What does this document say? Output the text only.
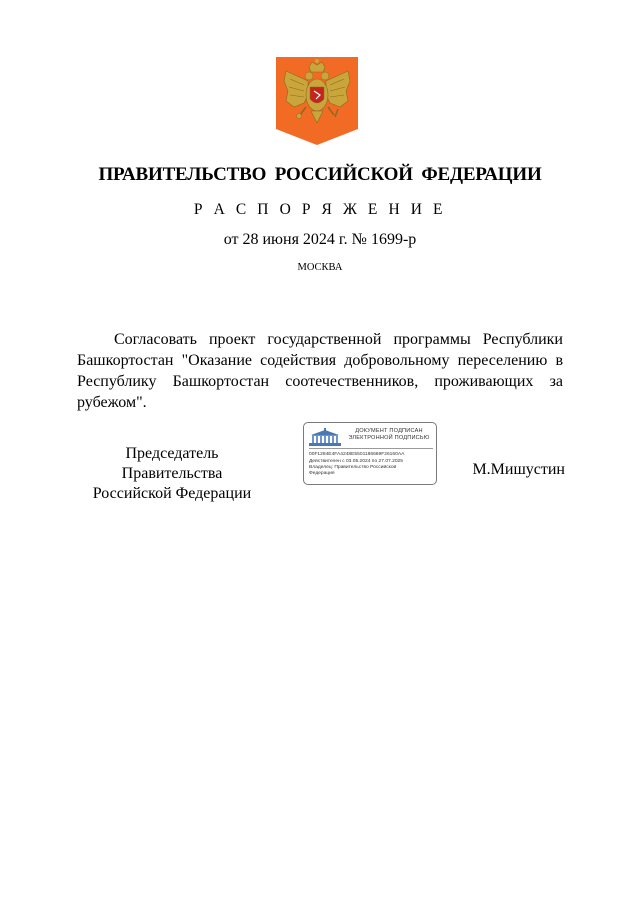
ПРАВИТЕЛЬСТВО РОССИЙСКОЙ ФЕДЕРАЦИИ
Р А С П О Р Я Ж Е Н И Е
от 28 июня 2024 г. № 1699-р
МОСКВА
Согласовать проект государственной программы Республики Башкортостан "Оказание содействия добровольному переселению в Республику Башкортостан соотечественников, проживающих за рубежом".
Председатель Правительства
Российской Федерации
ДОКУМЕНТ ПОДПИСАН
ЭЛЕКТРОННОЙ ПОДПИСЬЮ
00F1284E4FA4248E5501186669F26160AA
Действителен с 03.05.2024 по 27.07.2025
Владелец: Правительство Российской
Федерация	М.Мишустин
